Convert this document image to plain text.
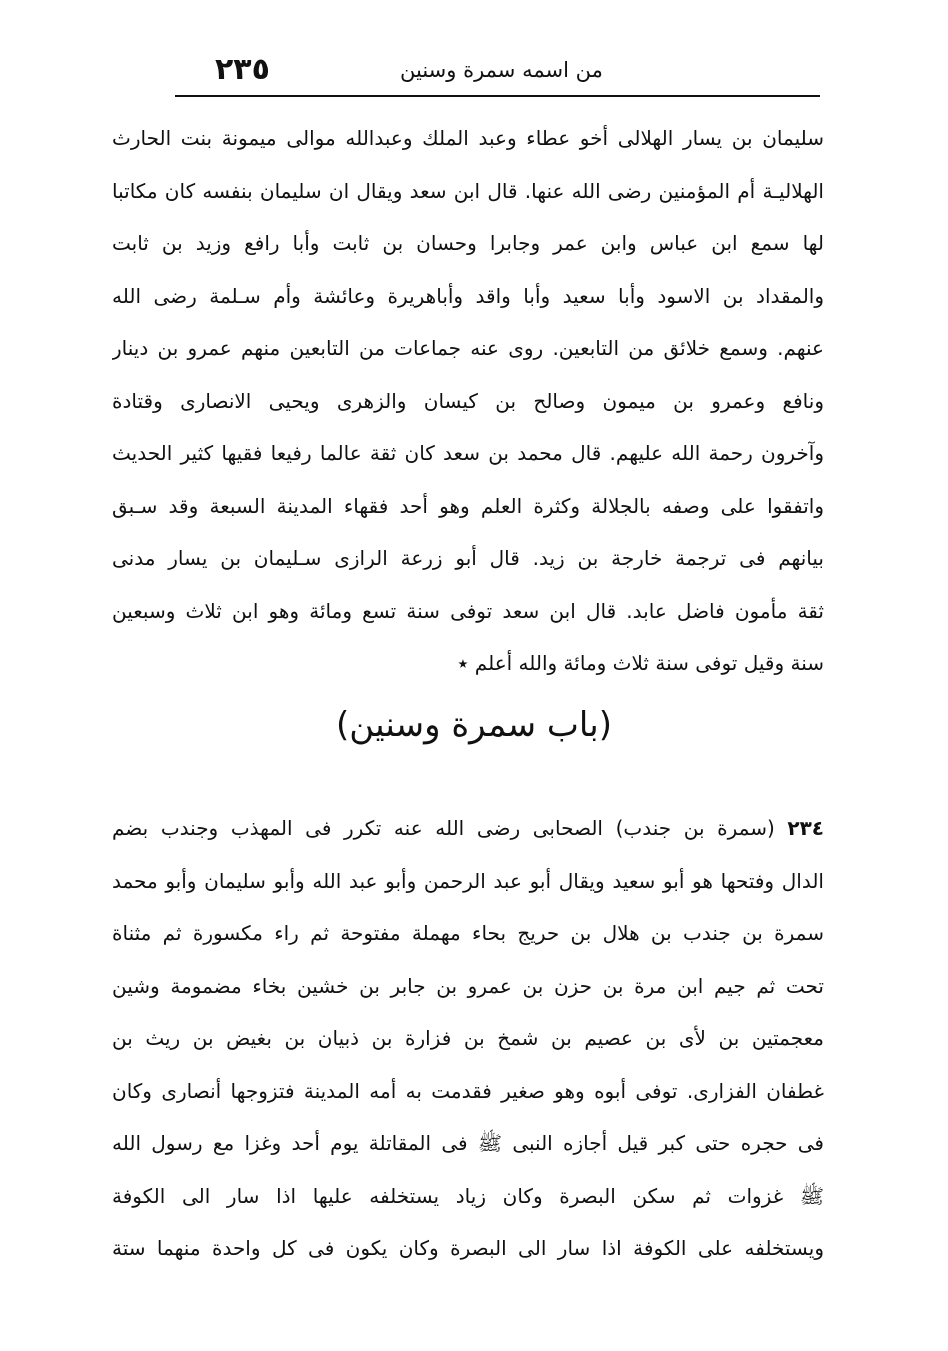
٢٣٥	من اسمه سمرة وسنين
سليمان بن يسار الهلالى أخو عطاء وعبد الملك وعبدالله موالى ميمونة بنت الحارث
الهلاليـة أم المؤمنين رضى الله عنها. قال ابن سعد ويقال ان سليمان بنفسه كان مكاتبا
لها سمع ابن عباس وابن عمر وجابرا وحسان بن ثابت وأبا رافع وزيد بن ثابت
والمقداد بن الاسود وأبا سعيد وأبا واقد وأباهريرة وعائشة وأم سـلمة رضى الله
عنهم. وسمع خلائق من التابعين. روى عنه جماعات من التابعين منهم عمرو بن دينار
ونافع وعمرو بن ميمون وصالح بن كيسان والزهرى ويحيى الانصارى وقتادة
وآخرون رحمة الله عليهم. قال محمد بن سعد كان ثقة عالما رفيعا فقيها كثير الحديث
واتفقوا على وصفه بالجلالة وكثرة العلم وهو أحد فقهاء المدينة السبعة وقد سـبق
بيانهم فى ترجمة خارجة بن زيد. قال أبو زرعة الرازى سـليمان بن يسار مدنى
ثقة مأمون فاضل عابد. قال ابن سعد توفى سنة تسع ومائة وهو ابن ثلاث وسبعين
سنة وقيل توفى سنة ثلاث ومائة والله أعلم ٭
(باب سمرة وسنين)
٢٣٤ (سمرة بن جندب) الصحابى رضى الله عنه تكرر فى المهذب وجندب بضم
الدال وفتحها هو أبو سعيد ويقال أبو عبد الرحمن وأبو عبد الله وأبو سليمان وأبو محمد
سمرة بن جندب بن هلال بن حريج بحاء مهملة مفتوحة ثم راء مكسورة ثم مثناة
تحت ثم جيم ابن مرة بن حزن بن عمرو بن جابر بن خشين بخاء مضمومة وشين
معجمتين بن لأى بن عصيم بن شمخ بن فزارة بن ذبيان بن بغيض بن ريث بن
غطفان الفزارى. توفى أبوه وهو صغير فقدمت به أمه المدينة فتزوجها أنصارى وكان
فى حجره حتى كبر قيل أجازه النبى ﷺ فى المقاتلة يوم أحد وغزا مع رسول الله
ﷺ غزوات ثم سكن البصرة وكان زياد يستخلفه عليها اذا سار الى الكوفة
ويستخلفه على الكوفة اذا سار الى البصرة وكان يكون فى كل واحدة منهما ستة
